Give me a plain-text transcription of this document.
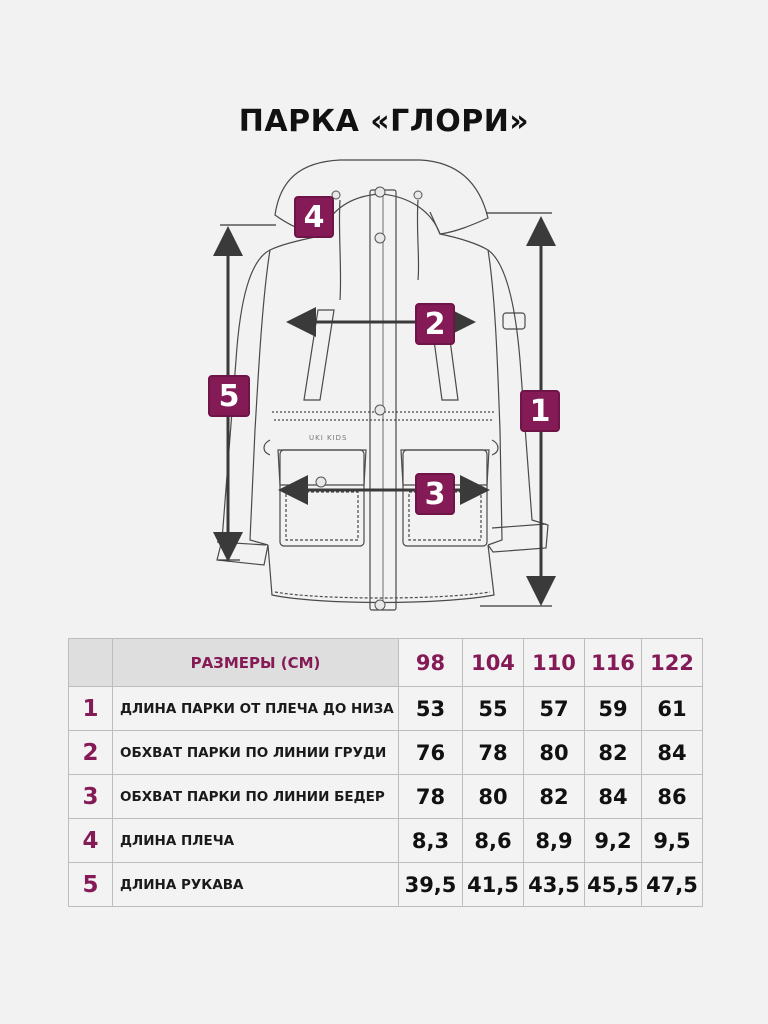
ПАРКА «ГЛОРИ»
UKI KIDS
1
2
3
4
5
	РАЗМЕРЫ (СМ)	98	104	110	116	122
1	ДЛИНА ПАРКИ ОТ ПЛЕЧА ДО НИЗА	53	55	57	59	61
2	ОБХВАТ ПАРКИ ПО ЛИНИИ ГРУДИ	76	78	80	82	84
3	ОБХВАТ ПАРКИ ПО ЛИНИИ БЕДЕР	78	80	82	84	86
4	ДЛИНА ПЛЕЧА	8,3	8,6	8,9	9,2	9,5
5	ДЛИНА РУКАВА	39,5	41,5	43,5	45,5	47,5
